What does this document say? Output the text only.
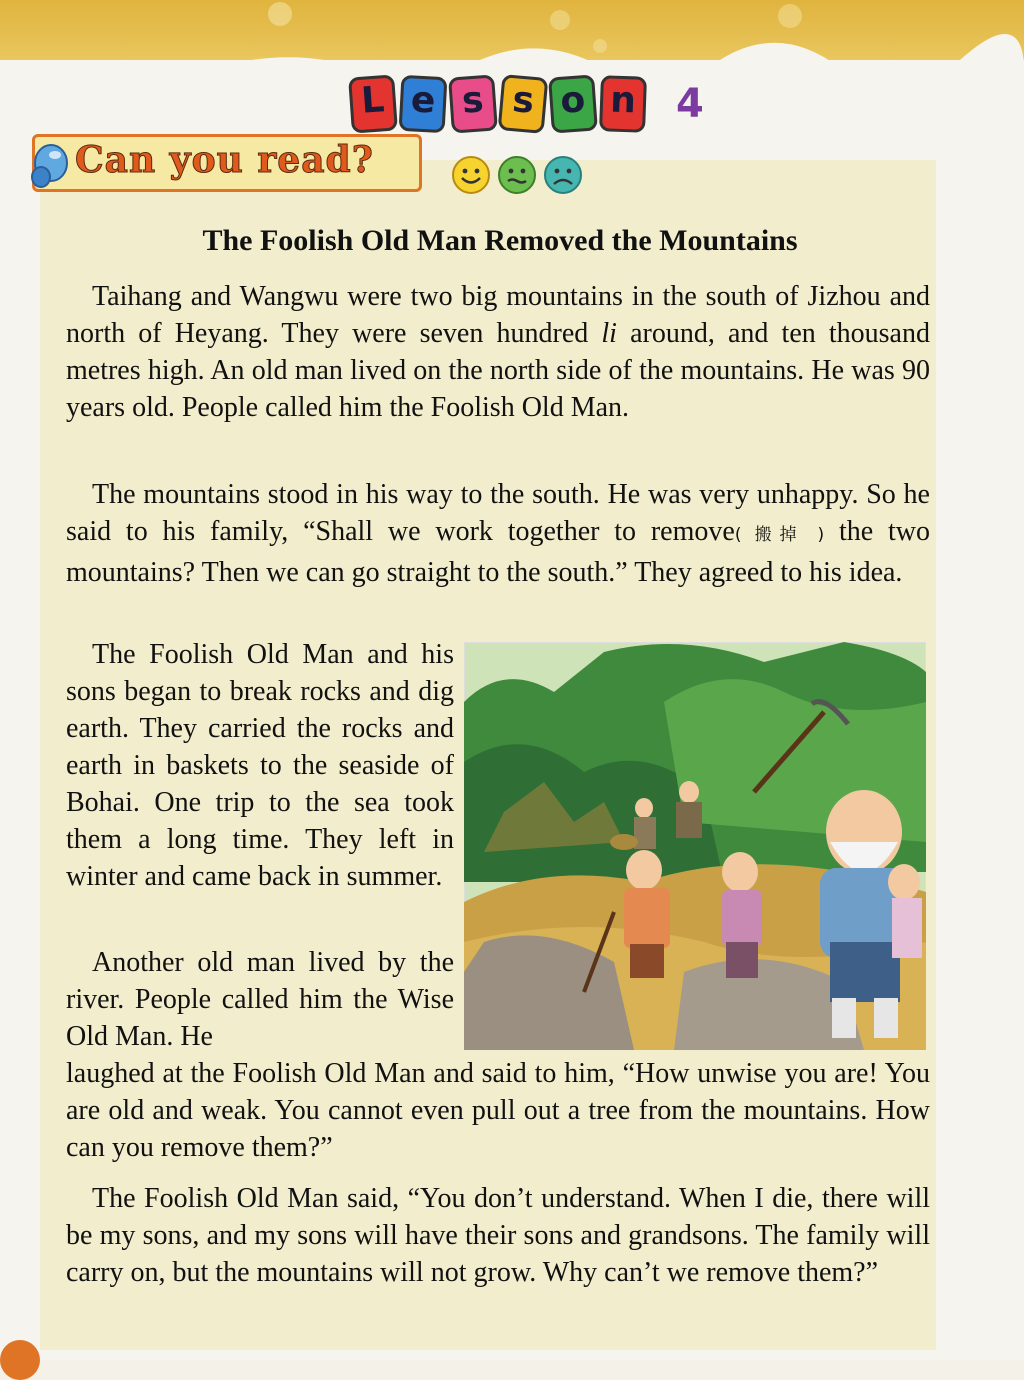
L e s s o n 4
Can you read?
The Foolish Old Man Removed the Mountains

Taihang and Wangwu were two big mountains in the south of Jizhou and north of Heyang. They were seven hundred li around, and ten thousand metres high. An old man lived on the north side of the mountains. He was 90 years old. People called him the Foolish Old Man.

The mountains stood in his way to the south. He was very unhappy. So he said to his family, “Shall we work together to remove( 搬掉 ) the two mountains? Then we can go straight to the south.” They agreed to his idea.

The Foolish Old Man and his sons began to break rocks and dig earth. They carried the rocks and earth in baskets to the seaside of Bohai. One trip to the sea took them a long time. They left in winter and came back in summer.

Another old man lived by the river. People called him the Wise Old Man. He

laughed at the Foolish Old Man and said to him, “How unwise you are! You are old and weak. You cannot even pull out a tree from the mountains. How can you remove them?”

The Foolish Old Man said, “You don’t understand. When I die, there will be my sons, and my sons will have their sons and grandsons. The family will carry on, but the mountains will not grow. Why can’t we remove them?”
